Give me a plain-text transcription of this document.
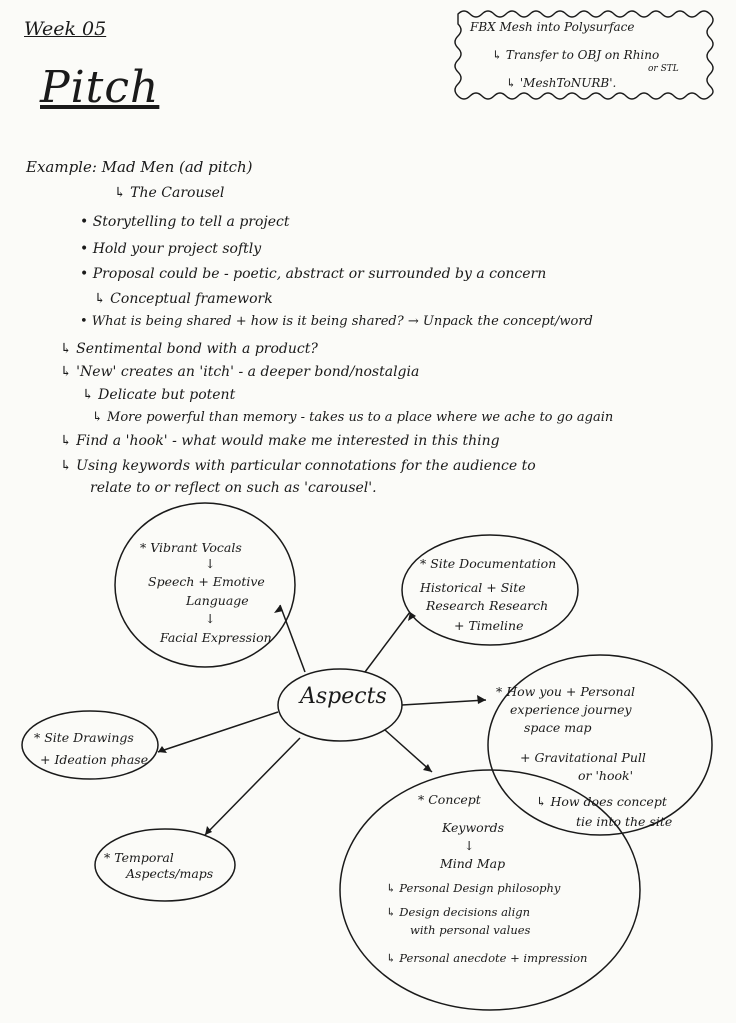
Week 05
Pitch
FBX Mesh into Polysurface
↳ Transfer to OBJ on Rhino
or STL
↳ 'MeshToNURB'.
Example: Mad Men (ad pitch)
↳ The Carousel
• Storytelling to tell a project
• Hold your project softly
• Proposal could be - poetic, abstract or surrounded by a concern
↳ Conceptual framework
• What is being shared + how is it being shared? → Unpack the concept/word
↳ Sentimental bond with a product?
↳ 'New' creates an 'itch' - a deeper bond/nostalgia
↳ Delicate but potent
↳ More powerful than memory - takes us to a place where we ache to go again
↳ Find a 'hook' - what would make me interested in this thing
↳ Using keywords with particular connotations for the audience to
relate to or reflect on such as 'carousel'.
Aspects
* Vibrant Vocals
↓
Speech + Emotive
Language
↓
Facial Expression
* Site Documentation
Historical + Site
Research Research
+ Timeline
* How you + Personal
experience journey
space map
+ Gravitational Pull
or 'hook'
↳ How does concept
tie into the site
* Site Drawings
+ Ideation phase
* Temporal
Aspects/maps
* Concept
Keywords
↓
Mind Map
↳ Personal Design philosophy
↳ Design decisions align
with personal values
↳ Personal anecdote + impression
